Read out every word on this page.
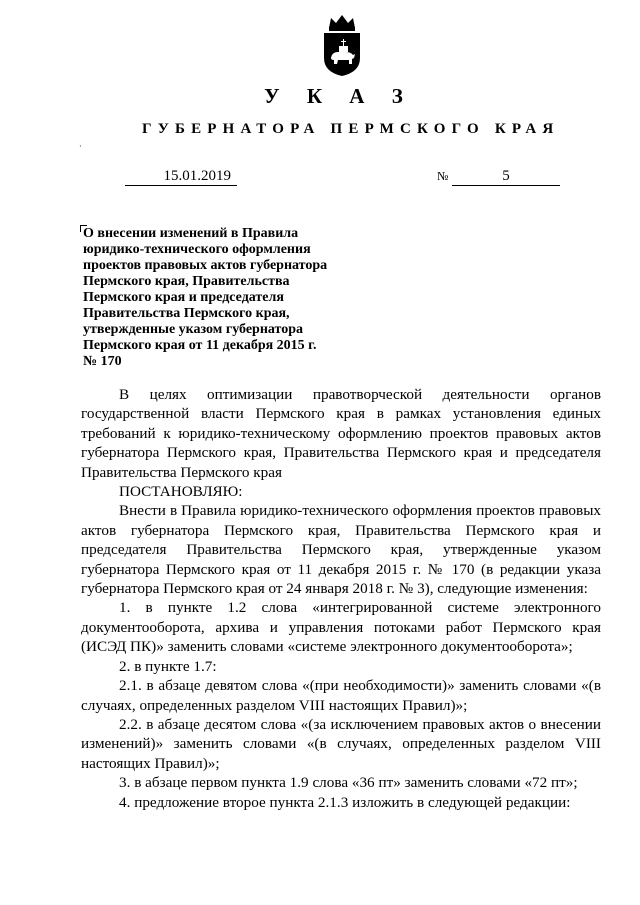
У К А З
ГУБЕРНАТОРА ПЕРМСКОГО КРАЯ
·
15.01.2019	№	5
О внесении изменений в Правила
юридико-технического оформления
проектов правовых актов губернатора
Пермского края, Правительства
Пермского края и председателя
Правительства Пермского края,
утвержденные указом губернатора
Пермского края от 11 декабря 2015 г.
№ 170

В целях оптимизации правотворческой деятельности органов государственной власти Пермского края в рамках установления единых требований к юридико-техническому оформлению проектов правовых актов губернатора Пермского края, Правительства Пермского края и председателя Правительства Пермского края

ПОСТАНОВЛЯЮ:

Внести в Правила юридико-технического оформления проектов правовых актов губернатора Пермского края, Правительства Пермского края и председателя Правительства Пермского края, утвержденные указом губернатора Пермского края от 11 декабря 2015 г. № 170 (в редакции указа губернатора Пермского края от 24 января 2018 г. № 3), следующие изменения:

1. в пункте 1.2 слова «интегрированной системе электронного документооборота, архива и управления потоками работ Пермского края (ИСЭД ПК)» заменить словами «системе электронного документооборота»;

2. в пункте 1.7:

2.1. в абзаце девятом слова «(при необходимости)» заменить словами «(в случаях, определенных разделом VIII настоящих Правил)»;

2.2. в абзаце десятом слова «(за исключением правовых актов о внесении изменений)» заменить словами «(в случаях, определенных разделом VIII настоящих Правил)»;

3. в абзаце первом пункта 1.9 слова «36 пт» заменить словами «72 пт»;

4. предложение второе пункта 2.1.3 изложить в следующей редакции:
